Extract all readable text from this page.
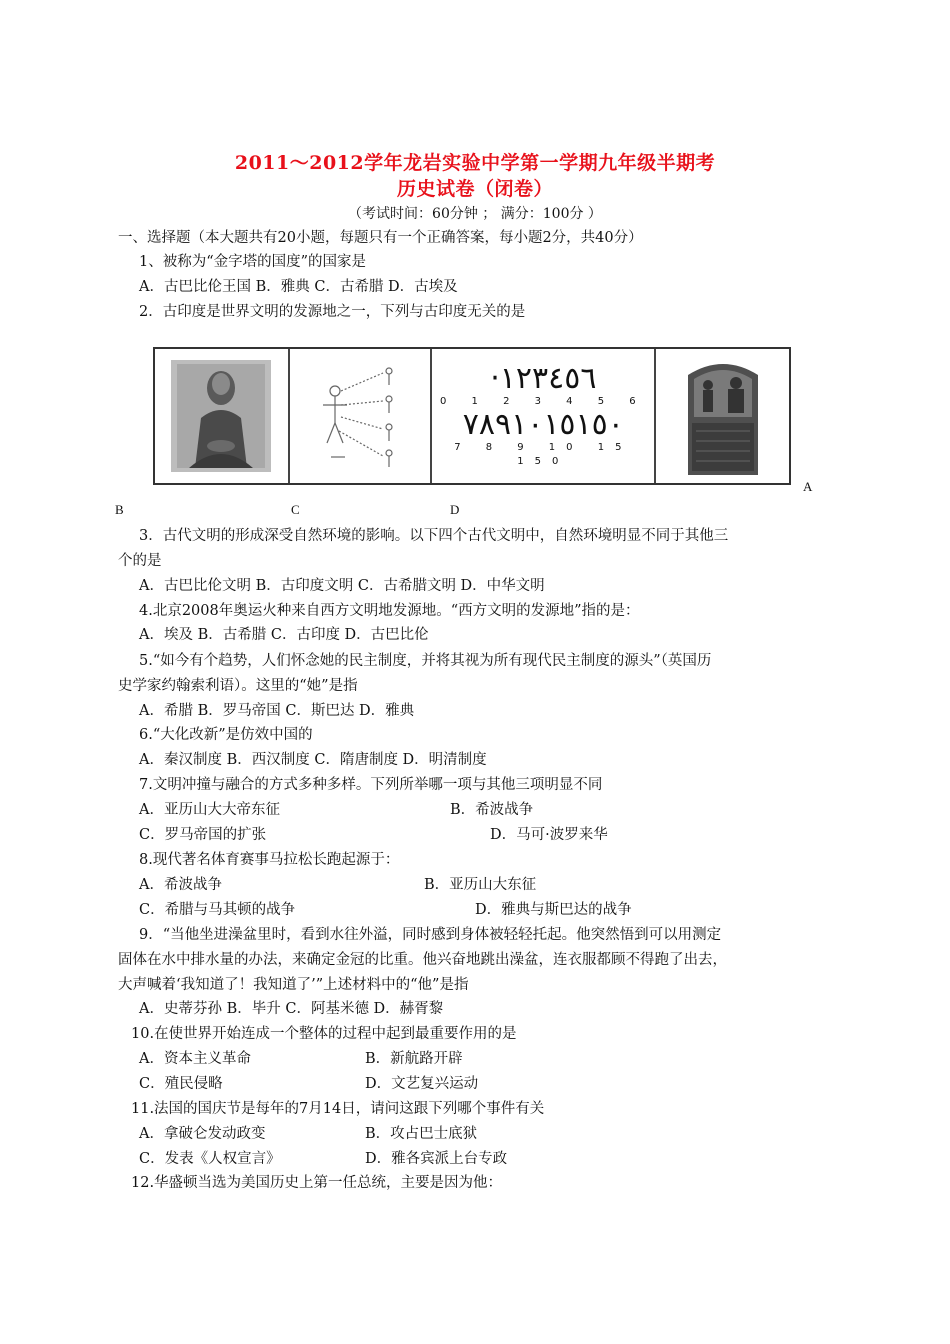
2011～2012学年龙岩实验中学第一学期九年级半期考
历史试卷（闭卷）
（考试时间：60分钟 ； 满分：100分 ）
一、选择题（本大题共有20小题，每题只有一个正确答案，每小题2分，共40分）
1、被称为“金字塔的国度”的国家是
A．古巴比伦王国 B．雅典 C．古希腊 D．古埃及
2．古印度是世界文明的发源地之一，下列与古印度无关的是
·١٢٣٤٥٦
0 1 2 3 4 5 6
٧٨٩١٠١٥١٥٠
7 8 9 10 15 150
A
B	C	D
3．古代文明的形成深受自然环境的影响。以下四个古代文明中，自然环境明显不同于其他三
个的是
A．古巴比伦文明 B．古印度文明 C．古希腊文明 D．中华文明
4.北京2008年奥运火种来自西方文明地发源地。“西方文明的发源地”指的是：
A．埃及 B．古希腊 C．古印度 D．古巴比伦
5.“如今有个趋势，人们怀念她的民主制度，并将其视为所有现代民主制度的源头”（英国历
史学家约翰索利语）。这里的“她”是指
A．希腊 B．罗马帝国 C．斯巴达 D．雅典
6.“大化改新”是仿效中国的
A．秦汉制度 B．西汉制度 C．隋唐制度 D．明清制度
7.文明冲撞与融合的方式多种多样。下列所举哪一项与其他三项明显不同
A．亚历山大大帝东征	B．希波战争
C．罗马帝国的扩张	D．马可·波罗来华
8.现代著名体育赛事马拉松长跑起源于：
A．希波战争	B．亚历山大东征
C．希腊与马其顿的战争	D．雅典与斯巴达的战争
9．“当他坐进澡盆里时，看到水往外溢，同时感到身体被轻轻托起。他突然悟到可以用测定
固体在水中排水量的办法，来确定金冠的比重。他兴奋地跳出澡盆，连衣服都顾不得跑了出去，
大声喊着‘我知道了！我知道了’”上述材料中的“他”是指
A．史蒂芬孙 B．毕升 C．阿基米德 D．赫胥黎
10.在使世界开始连成一个整体的过程中起到最重要作用的是
A．资本主义革命	B．新航路开辟
C．殖民侵略	D．文艺复兴运动
11.法国的国庆节是每年的7月14日，请问这跟下列哪个事件有关
A．拿破仑发动政变	B．攻占巴士底狱
C．发表《人权宣言》	D．雅各宾派上台专政
12.华盛顿当选为美国历史上第一任总统，主要是因为他：
